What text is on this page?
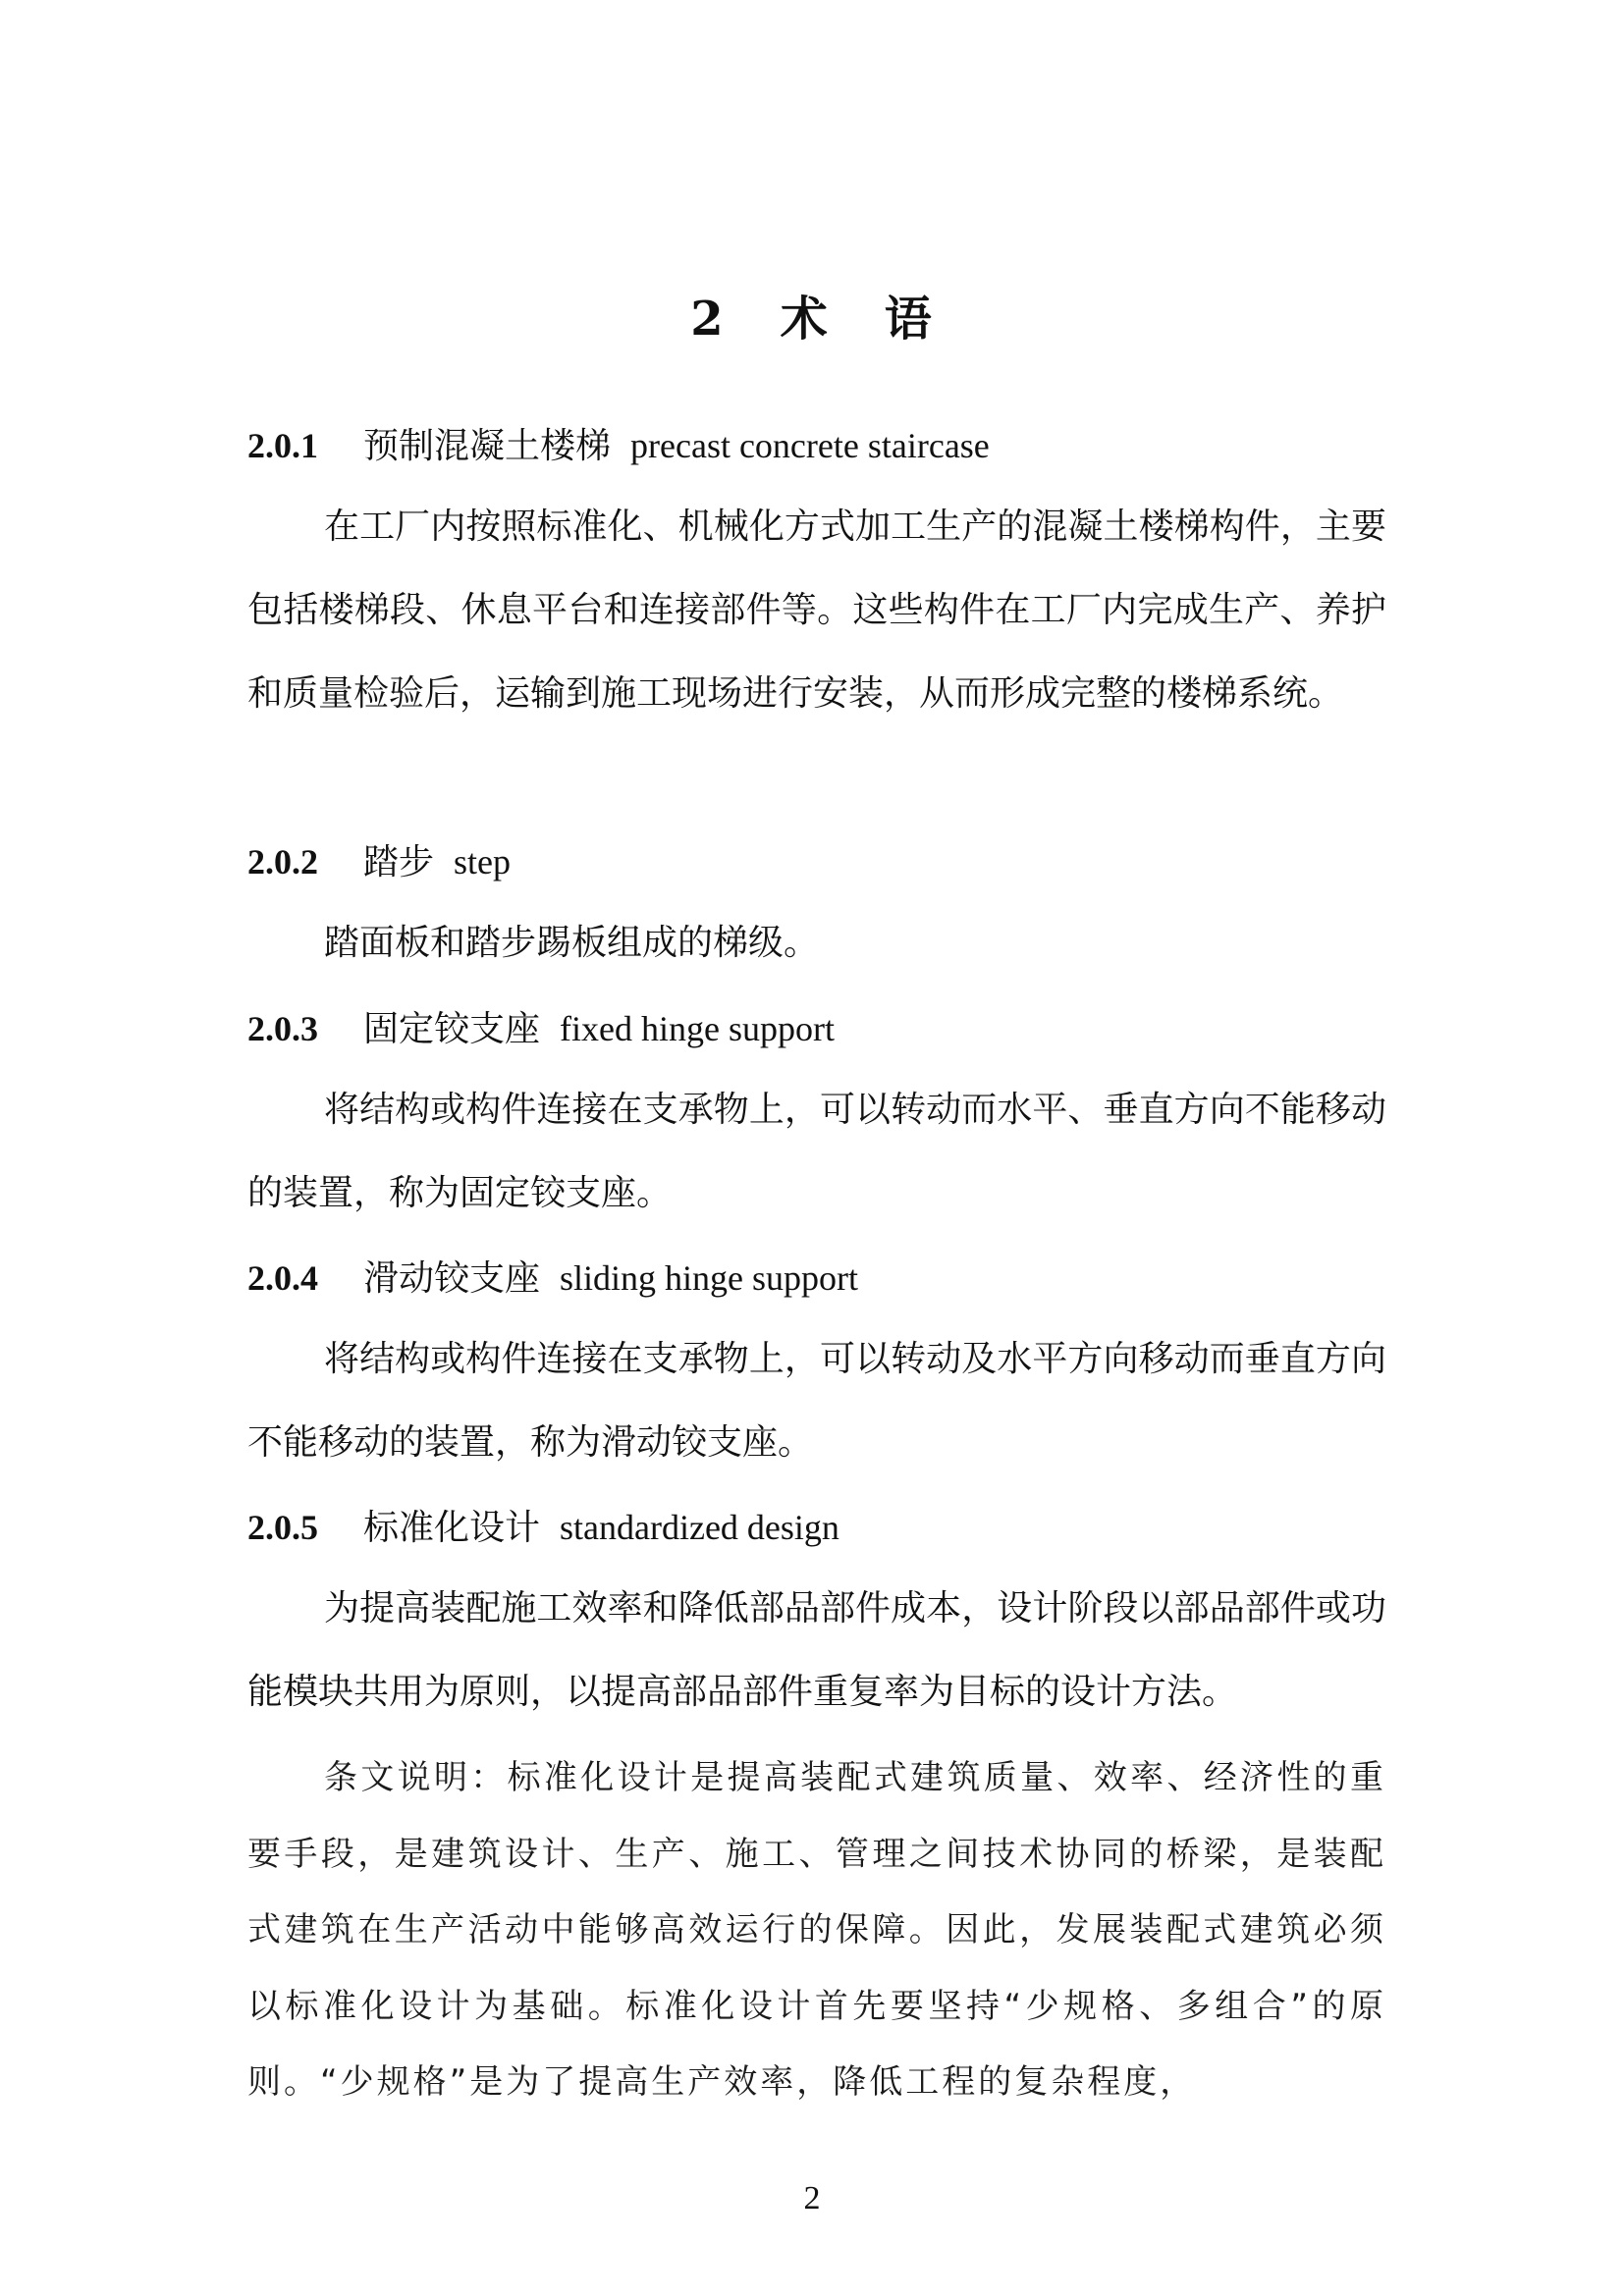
2 术 语
2.0.1 预制混凝土楼梯 precast concrete staircase

在工厂内按照标准化、机械化方式加工生产的混凝土楼梯构件，主要包括楼梯段、休息平台和连接部件等。这些构件在工厂内完成生产、养护和质量检验后，运输到施工现场进行安装，从而形成完整的楼梯系统。

2.0.2 踏步 step

踏面板和踏步踢板组成的梯级。

2.0.3 固定铰支座 fixed hinge support

将结构或构件连接在支承物上，可以转动而水平、垂直方向不能移动的装置，称为固定铰支座。

2.0.4 滑动铰支座 sliding hinge support

将结构或构件连接在支承物上，可以转动及水平方向移动而垂直方向不能移动的装置，称为滑动铰支座。

2.0.5 标准化设计 standardized design

为提高装配施工效率和降低部品部件成本，设计阶段以部品部件或功能模块共用为原则，以提高部品部件重复率为目标的设计方法。

条文说明：标准化设计是提高装配式建筑质量、效率、经济性的重要手段，是建筑设计、生产、施工、管理之间技术协同的桥梁，是装配式建筑在生产活动中能够高效运行的保障。因此，发展装配式建筑必须以标准化设计为基础。标准化设计首先要坚持“少规格、多组合”的原则。“少规格”是为了提高生产效率，降低工程的复杂程度，

2
